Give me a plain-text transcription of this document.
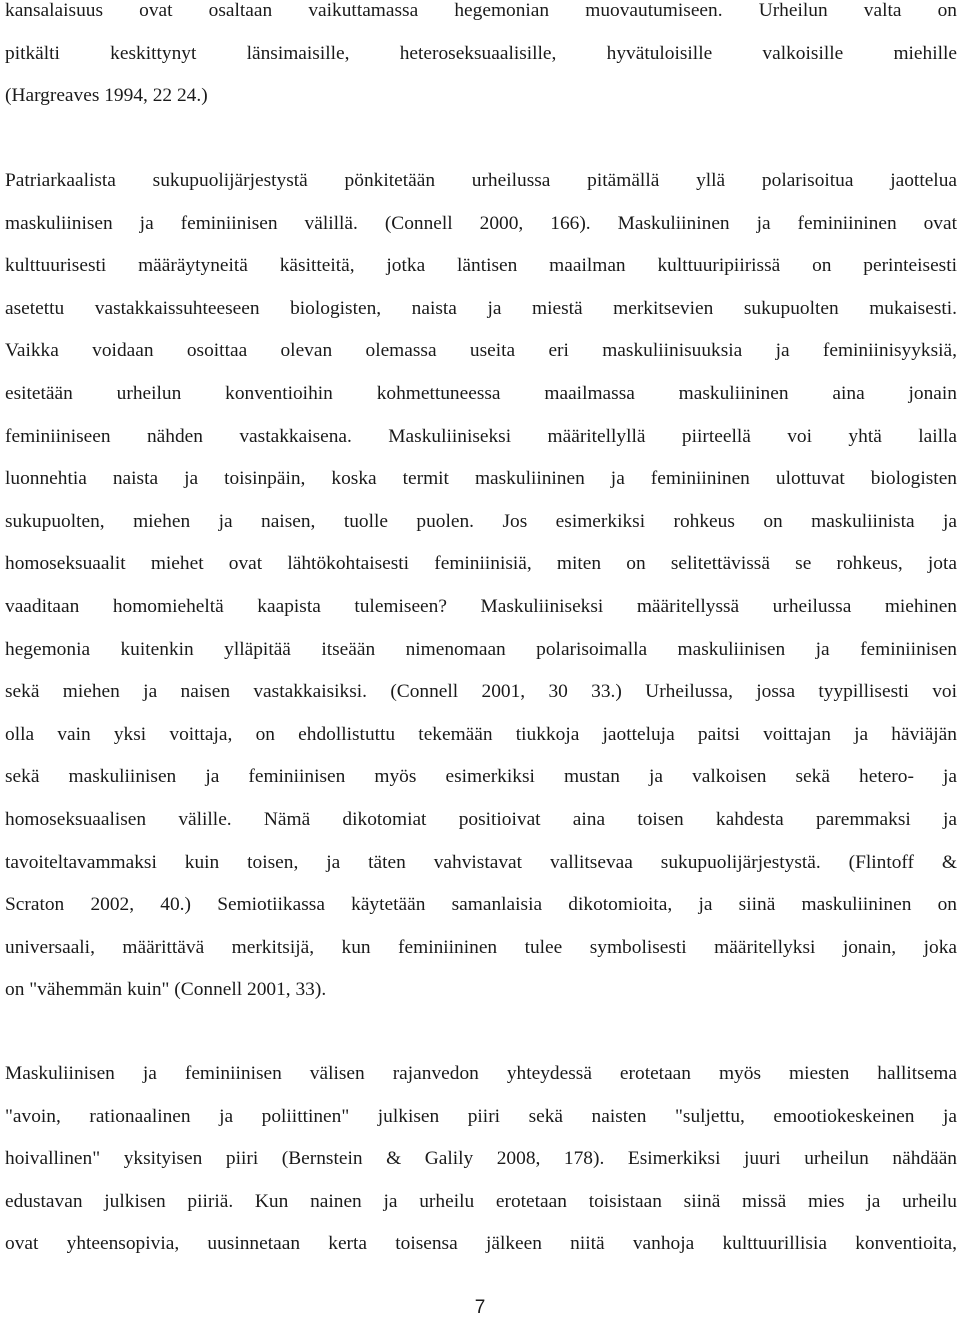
kansalaisuus ovat osaltaan vaikuttamassa hegemonian muovautumiseen. Urheilun valta on
pitkälti keskittynyt länsimaisille, heteroseksuaalisille, hyvätuloisille valkoisille miehille
(Hargreaves 1994, 22 24.)
Patriarkaalista sukupuolijärjestystä pönkitetään urheilussa pitämällä yllä polarisoitua jaottelua
maskuliinisen ja feminiinisen välillä. (Connell 2000, 166). Maskuliininen ja feminiininen ovat
kulttuurisesti määräytyneitä käsitteitä, jotka läntisen maailman kulttuuripiirissä on perinteisesti
asetettu vastakkaissuhteeseen biologisten, naista ja miestä merkitsevien sukupuolten mukaisesti.
Vaikka voidaan osoittaa olevan olemassa useita eri maskuliinisuuksia ja feminiinisyyksiä,
esitetään urheilun konventioihin kohmettuneessa maailmassa maskuliininen aina jonain
feminiiniseen nähden vastakkaisena. Maskuliiniseksi määritellyllä piirteellä voi yhtä lailla
luonnehtia naista ja toisinpäin, koska termit maskuliininen ja feminiininen ulottuvat biologisten
sukupuolten, miehen ja naisen, tuolle puolen. Jos esimerkiksi rohkeus on maskuliinista ja
homoseksuaalit miehet ovat lähtökohtaisesti feminiinisiä, miten on selitettävissä se rohkeus, jota
vaaditaan homomieheltä kaapista tulemiseen? Maskuliiniseksi määritellyssä urheilussa miehinen
hegemonia kuitenkin ylläpitää itseään nimenomaan polarisoimalla maskuliinisen ja feminiinisen
sekä miehen ja naisen vastakkaisiksi. (Connell 2001, 30 33.) Urheilussa, jossa tyypillisesti voi
olla vain yksi voittaja, on ehdollistuttu tekemään tiukkoja jaotteluja paitsi voittajan ja häviäjän
sekä maskuliinisen ja feminiinisen myös esimerkiksi mustan ja valkoisen sekä hetero- ja
homoseksuaalisen välille. Nämä dikotomiat positioivat aina toisen kahdesta paremmaksi ja
tavoiteltavammaksi kuin toisen, ja täten vahvistavat vallitsevaa sukupuolijärjestystä. (Flintoff &
Scraton 2002, 40.) Semiotiikassa käytetään samanlaisia dikotomioita, ja siinä maskuliininen on
universaali, määrittävä merkitsijä, kun feminiininen tulee symbolisesti määritellyksi jonain, joka
on "vähemmän kuin" (Connell 2001, 33).
Maskuliinisen ja feminiinisen välisen rajanvedon yhteydessä erotetaan myös miesten hallitsema
"avoin, rationaalinen ja poliittinen" julkisen piiri sekä naisten "suljettu, emootiokeskeinen ja
hoivallinen" yksityisen piiri (Bernstein & Galily 2008, 178). Esimerkiksi juuri urheilun nähdään
edustavan julkisen piiriä. Kun nainen ja urheilu erotetaan toisistaan siinä missä mies ja urheilu
ovat yhteensopivia, uusinnetaan kerta toisensa jälkeen niitä vanhoja kulttuurillisia konventioita,
7
